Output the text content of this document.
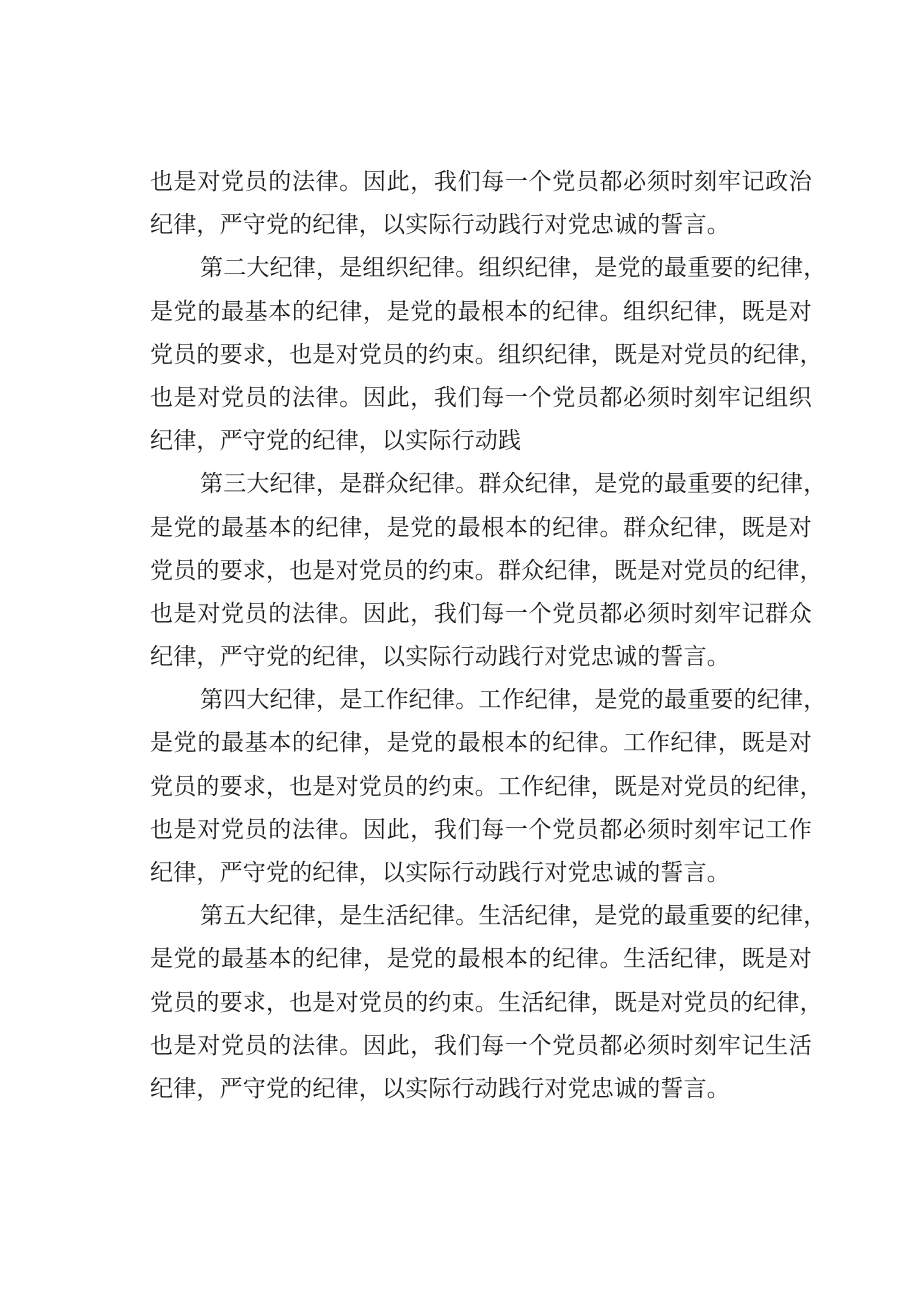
也是对党员的法律。因此，我们每一个党员都必须时刻牢记政治
纪律，严守党的纪律，以实际行动践行对党忠诚的誓言。
第二大纪律，是组织纪律。组织纪律，是党的最重要的纪律，
是党的最基本的纪律，是党的最根本的纪律。组织纪律，既是对
党员的要求，也是对党员的约束。组织纪律，既是对党员的纪律，
也是对党员的法律。因此，我们每一个党员都必须时刻牢记组织
纪律，严守党的纪律，以实际行动践
第三大纪律，是群众纪律。群众纪律，是党的最重要的纪律，
是党的最基本的纪律，是党的最根本的纪律。群众纪律，既是对
党员的要求，也是对党员的约束。群众纪律，既是对党员的纪律，
也是对党员的法律。因此，我们每一个党员都必须时刻牢记群众
纪律，严守党的纪律，以实际行动践行对党忠诚的誓言。
第四大纪律，是工作纪律。工作纪律，是党的最重要的纪律，
是党的最基本的纪律，是党的最根本的纪律。工作纪律，既是对
党员的要求，也是对党员的约束。工作纪律，既是对党员的纪律，
也是对党员的法律。因此，我们每一个党员都必须时刻牢记工作
纪律，严守党的纪律，以实际行动践行对党忠诚的誓言。
第五大纪律，是生活纪律。生活纪律，是党的最重要的纪律，
是党的最基本的纪律，是党的最根本的纪律。生活纪律，既是对
党员的要求，也是对党员的约束。生活纪律，既是对党员的纪律，
也是对党员的法律。因此，我们每一个党员都必须时刻牢记生活
纪律，严守党的纪律，以实际行动践行对党忠诚的誓言。
